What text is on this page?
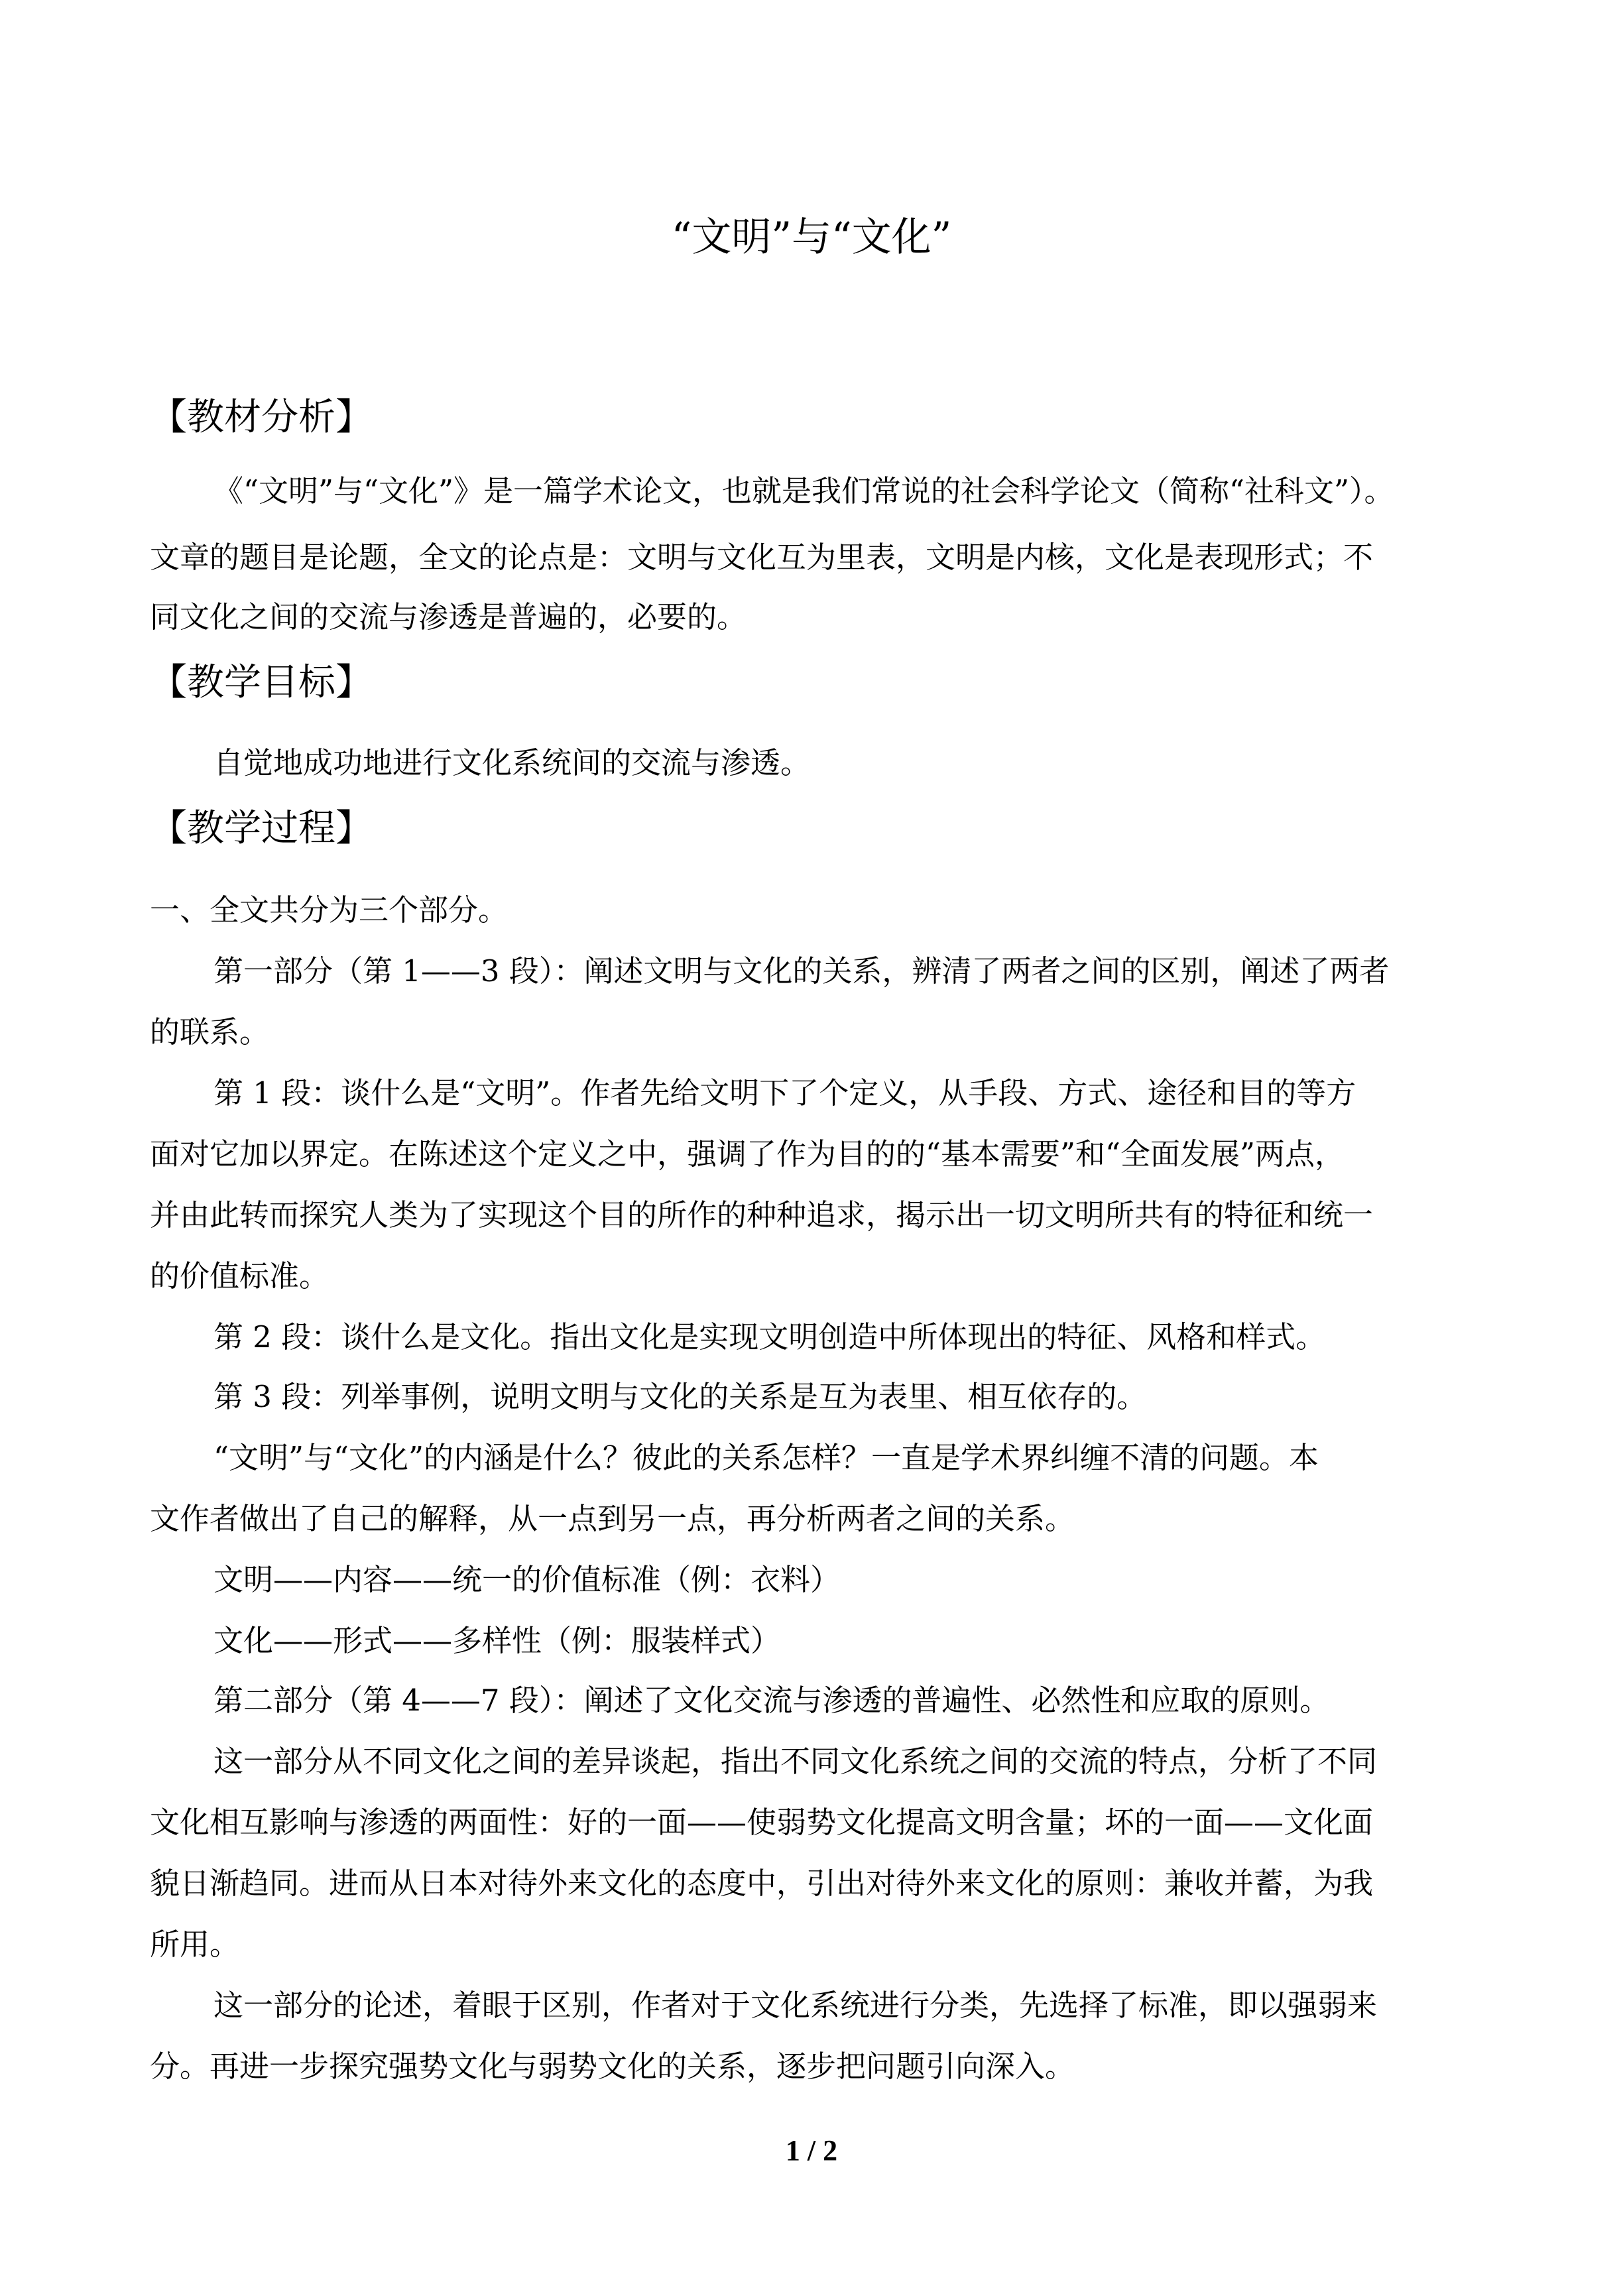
“文明”与“文化”
【教材分析】
《“文明”与“文化”》是一篇学术论文，也就是我们常说的社会科学论文（简称“社科文”）。
文章的题目是论题，全文的论点是：文明与文化互为里表，文明是内核，文化是表现形式；不
同文化之间的交流与渗透是普遍的，必要的。
【教学目标】
自觉地成功地进行文化系统间的交流与渗透。
【教学过程】
一、全文共分为三个部分。
第一部分（第 1——3 段）：阐述文明与文化的关系，辨清了两者之间的区别，阐述了两者
的联系。
第 1 段：谈什么是“文明”。作者先给文明下了个定义，从手段、方式、途径和目的等方
面对它加以界定。在陈述这个定义之中，强调了作为目的的“基本需要”和“全面发展”两点，
并由此转而探究人类为了实现这个目的所作的种种追求，揭示出一切文明所共有的特征和统一
的价值标准。
第 2 段：谈什么是文化。指出文化是实现文明创造中所体现出的特征、风格和样式。
第 3 段：列举事例，说明文明与文化的关系是互为表里、相互依存的。
“文明”与“文化”的内涵是什么？彼此的关系怎样？一直是学术界纠缠不清的问题。本
文作者做出了自己的解释，从一点到另一点，再分析两者之间的关系。
文明——内容——统一的价值标准（例：衣料）
文化——形式——多样性（例：服装样式）
第二部分（第 4——7 段）：阐述了文化交流与渗透的普遍性、必然性和应取的原则。
这一部分从不同文化之间的差异谈起，指出不同文化系统之间的交流的特点，分析了不同
文化相互影响与渗透的两面性：好的一面——使弱势文化提高文明含量；坏的一面——文化面
貌日渐趋同。进而从日本对待外来文化的态度中，引出对待外来文化的原则：兼收并蓄，为我
所用。
这一部分的论述，着眼于区别，作者对于文化系统进行分类，先选择了标准，即以强弱来
分。再进一步探究强势文化与弱势文化的关系，逐步把问题引向深入。
1 / 2
